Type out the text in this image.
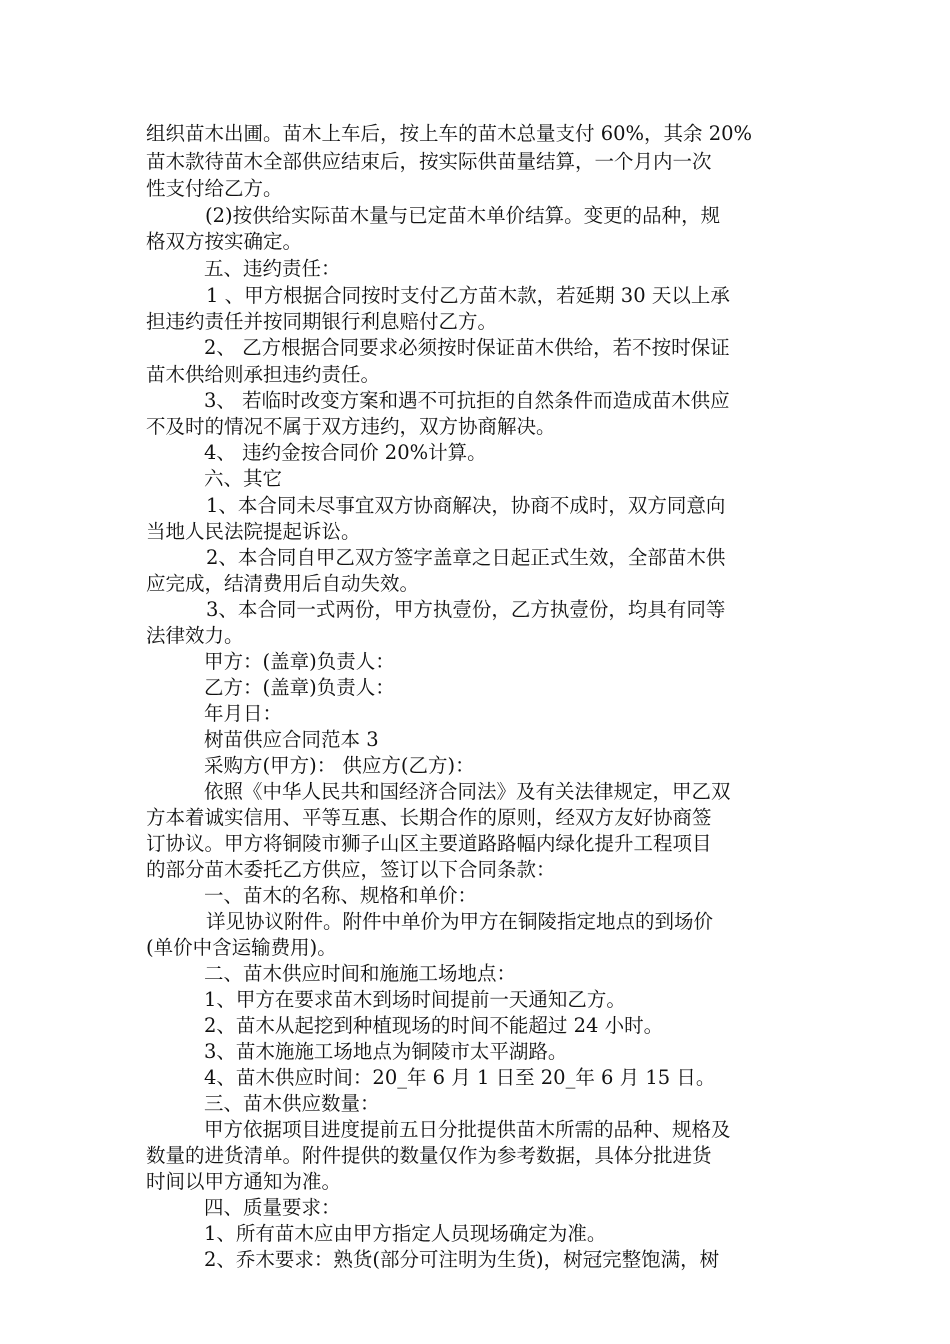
组织苗木出圃。苗木上车后，按上车的苗木总量支付 60%，其余 20%
苗木款待苗木全部供应结束后，按实际供苗量结算，一个月内一次
性支付给乙方。
(2)按供给实际苗木量与已定苗木单价结算。变更的品种，规
格双方按实确定。
五、违约责任：
1 、甲方根据合同按时支付乙方苗木款，若延期 30 天以上承
担违约责任并按同期银行利息赔付乙方。
2、 乙方根据合同要求必须按时保证苗木供给，若不按时保证
苗木供给则承担违约责任。
3、 若临时改变方案和遇不可抗拒的自然条件而造成苗木供应
不及时的情况不属于双方违约，双方协商解决。
4、 违约金按合同价 20%计算。
六、其它
1、本合同未尽事宜双方协商解决，协商不成时，双方同意向
当地人民法院提起诉讼。
2、本合同自甲乙双方签字盖章之日起正式生效，全部苗木供
应完成，结清费用后自动失效。
3、本合同一式两份，甲方执壹份，乙方执壹份，均具有同等
法律效力。
甲方：(盖章)负责人：
乙方：(盖章)负责人：
年月日：
树苗供应合同范本 3
采购方(甲方)： 供应方(乙方)：
依照《中华人民共和国经济合同法》及有关法律规定，甲乙双
方本着诚实信用、平等互惠、长期合作的原则，经双方友好协商签
订协议。甲方将铜陵市狮子山区主要道路路幅内绿化提升工程项目
的部分苗木委托乙方供应，签订以下合同条款：
一、苗木的名称、规格和单价：
详见协议附件。附件中单价为甲方在铜陵指定地点的到场价
(单价中含运输费用)。
二、苗木供应时间和施施工场地点：
1、甲方在要求苗木到场时间提前一天通知乙方。
2、苗木从起挖到种植现场的时间不能超过 24 小时。
3、苗木施施工场地点为铜陵市太平湖路。
4、苗木供应时间：20_年 6 月 1 日至 20_年 6 月 15 日。
三、苗木供应数量：
甲方依据项目进度提前五日分批提供苗木所需的品种、规格及
数量的进货清单。附件提供的数量仅作为参考数据，具体分批进货
时间以甲方通知为准。
四、质量要求：
1、所有苗木应由甲方指定人员现场确定为准。
2、乔木要求：熟货(部分可注明为生货)，树冠完整饱满，树
